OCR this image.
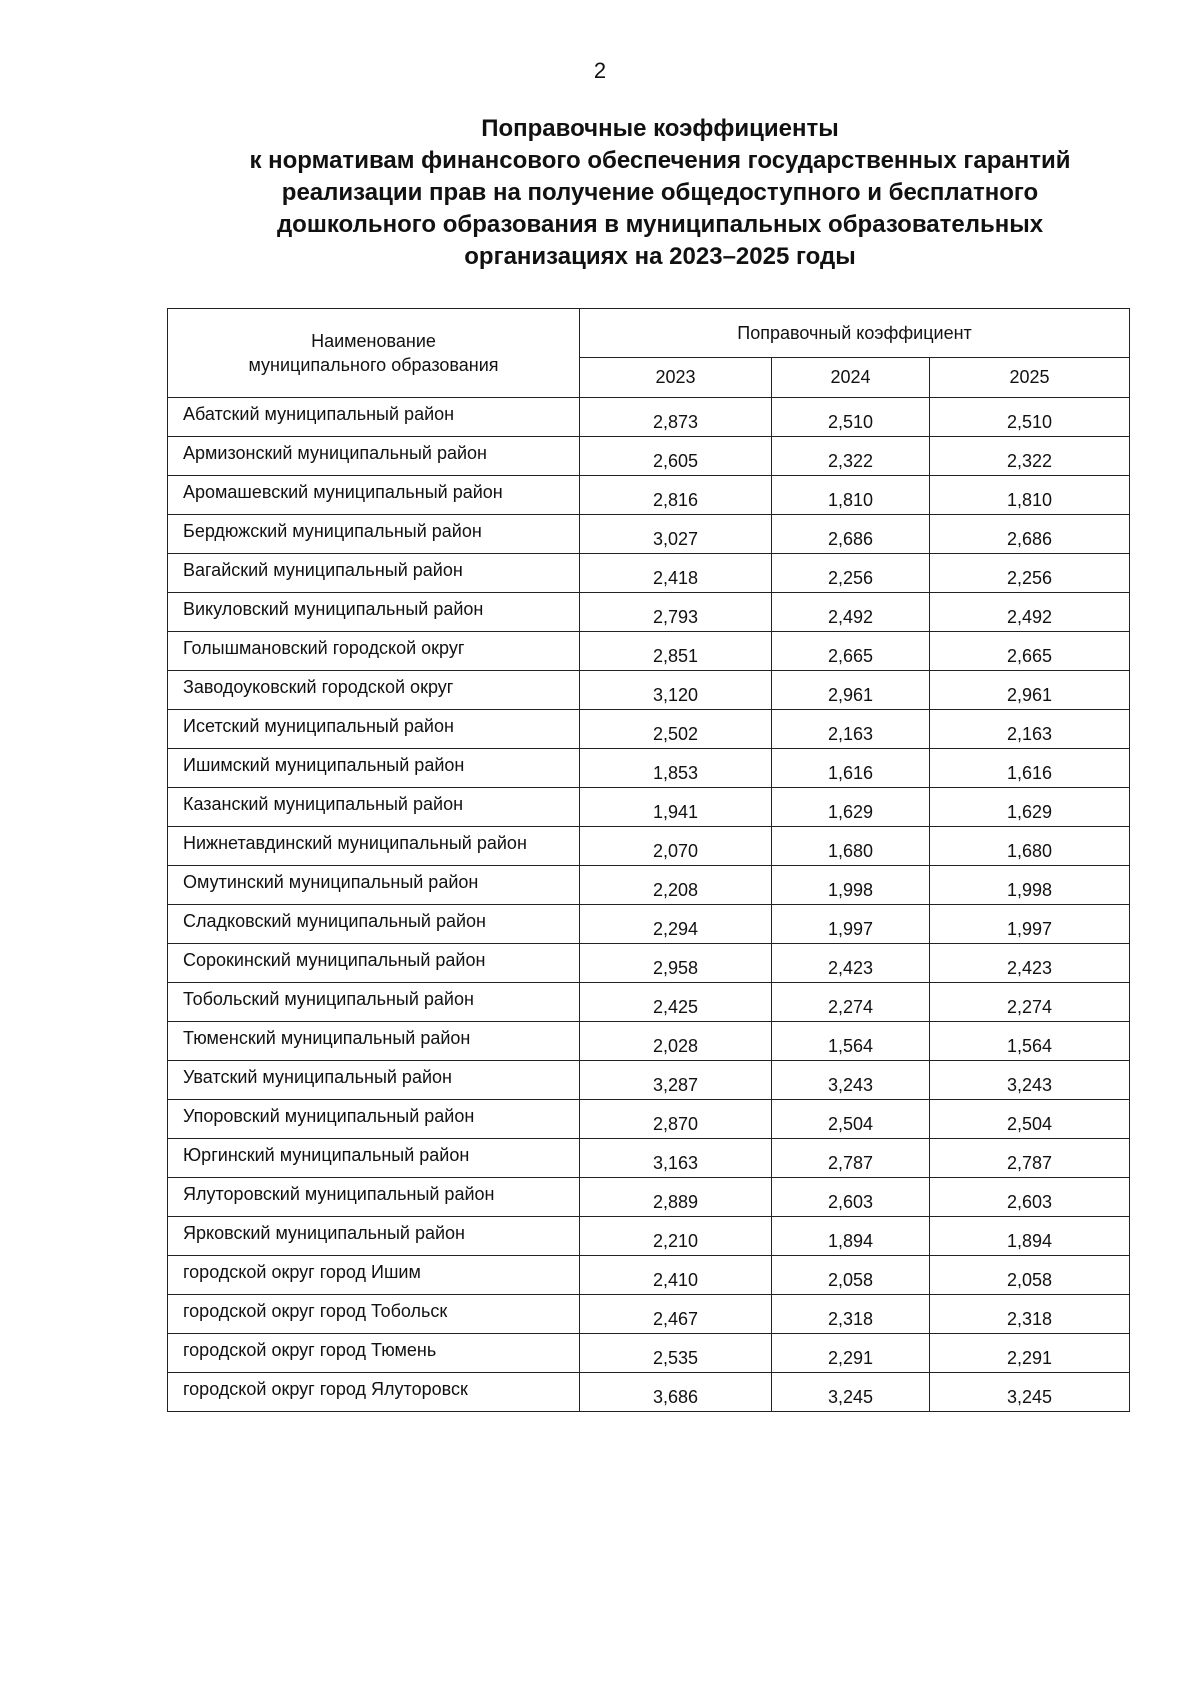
2
Поправочные коэффициенты
к нормативам финансового обеспечения государственных гарантий
реализации прав на получение общедоступного и бесплатного
дошкольного образования в муниципальных образовательных
организациях на 2023–2025 годы
Наименование
муниципального образования	Поправочный коэффициент		
	2023	2024	2025
Абатский муниципальный район	2,873	2,510	2,510
Армизонский муниципальный район	2,605	2,322	2,322
Аромашевский муниципальный район	2,816	1,810	1,810
Бердюжский муниципальный район	3,027	2,686	2,686
Вагайский муниципальный район	2,418	2,256	2,256
Викуловский муниципальный район	2,793	2,492	2,492
Голышмановский городской округ	2,851	2,665	2,665
Заводоуковский городской округ	3,120	2,961	2,961
Исетский муниципальный район	2,502	2,163	2,163
Ишимский муниципальный район	1,853	1,616	1,616
Казанский муниципальный район	1,941	1,629	1,629
Нижнетавдинский муниципальный район	2,070	1,680	1,680
Омутинский муниципальный район	2,208	1,998	1,998
Сладковский муниципальный район	2,294	1,997	1,997
Сорокинский муниципальный район	2,958	2,423	2,423
Тобольский муниципальный район	2,425	2,274	2,274
Тюменский муниципальный район	2,028	1,564	1,564
Уватский муниципальный район	3,287	3,243	3,243
Упоровский муниципальный район	2,870	2,504	2,504
Юргинский муниципальный район	3,163	2,787	2,787
Ялуторовский муниципальный район	2,889	2,603	2,603
Ярковский муниципальный район	2,210	1,894	1,894
городской округ город Ишим	2,410	2,058	2,058
городской округ город Тобольск	2,467	2,318	2,318
городской округ город Тюмень	2,535	2,291	2,291
городской округ город Ялуторовск	3,686	3,245	3,245
